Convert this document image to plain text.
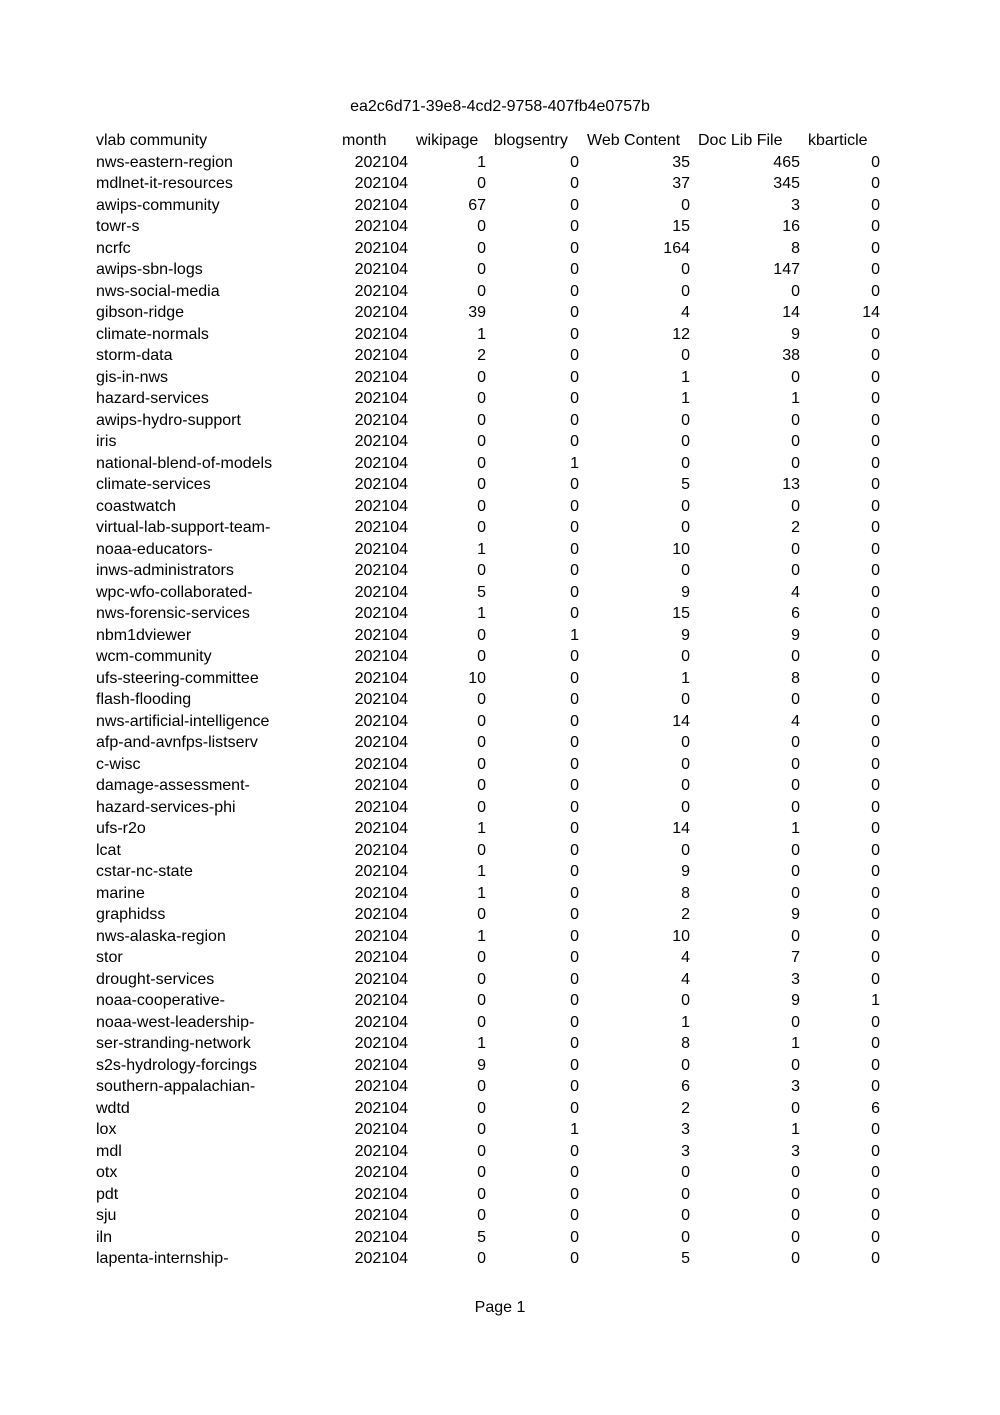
ea2c6d71-39e8-4cd2-9758-407fb4e0757b
vlab community	month	wikipage	blogsentry	Web Content	Doc Lib File	kbarticle
nws-eastern-region	202104	1	0	35	465	0
mdlnet-it-resources	202104	0	0	37	345	0
awips-community	202104	67	0	0	3	0
towr-s	202104	0	0	15	16	0
ncrfc	202104	0	0	164	8	0
awips-sbn-logs	202104	0	0	0	147	0
nws-social-media	202104	0	0	0	0	0
gibson-ridge	202104	39	0	4	14	14
climate-normals	202104	1	0	12	9	0
storm-data	202104	2	0	0	38	0
gis-in-nws	202104	0	0	1	0	0
hazard-services	202104	0	0	1	1	0
awips-hydro-support	202104	0	0	0	0	0
iris	202104	0	0	0	0	0
national-blend-of-models	202104	0	1	0	0	0
climate-services	202104	0	0	5	13	0
coastwatch	202104	0	0	0	0	0
virtual-lab-support-team-	202104	0	0	0	2	0
noaa-educators-	202104	1	0	10	0	0
inws-administrators	202104	0	0	0	0	0
wpc-wfo-collaborated-	202104	5	0	9	4	0
nws-forensic-services	202104	1	0	15	6	0
nbm1dviewer	202104	0	1	9	9	0
wcm-community	202104	0	0	0	0	0
ufs-steering-committee	202104	10	0	1	8	0
flash-flooding	202104	0	0	0	0	0
nws-artificial-intelligence	202104	0	0	14	4	0
afp-and-avnfps-listserv	202104	0	0	0	0	0
c-wisc	202104	0	0	0	0	0
damage-assessment-	202104	0	0	0	0	0
hazard-services-phi	202104	0	0	0	0	0
ufs-r2o	202104	1	0	14	1	0
lcat	202104	0	0	0	0	0
cstar-nc-state	202104	1	0	9	0	0
marine	202104	1	0	8	0	0
graphidss	202104	0	0	2	9	0
nws-alaska-region	202104	1	0	10	0	0
stor	202104	0	0	4	7	0
drought-services	202104	0	0	4	3	0
noaa-cooperative-	202104	0	0	0	9	1
noaa-west-leadership-	202104	0	0	1	0	0
ser-stranding-network	202104	1	0	8	1	0
s2s-hydrology-forcings	202104	9	0	0	0	0
southern-appalachian-	202104	0	0	6	3	0
wdtd	202104	0	0	2	0	6
lox	202104	0	1	3	1	0
mdl	202104	0	0	3	3	0
otx	202104	0	0	0	0	0
pdt	202104	0	0	0	0	0
sju	202104	0	0	0	0	0
iln	202104	5	0	0	0	0
lapenta-internship-	202104	0	0	5	0	0
Page 1
